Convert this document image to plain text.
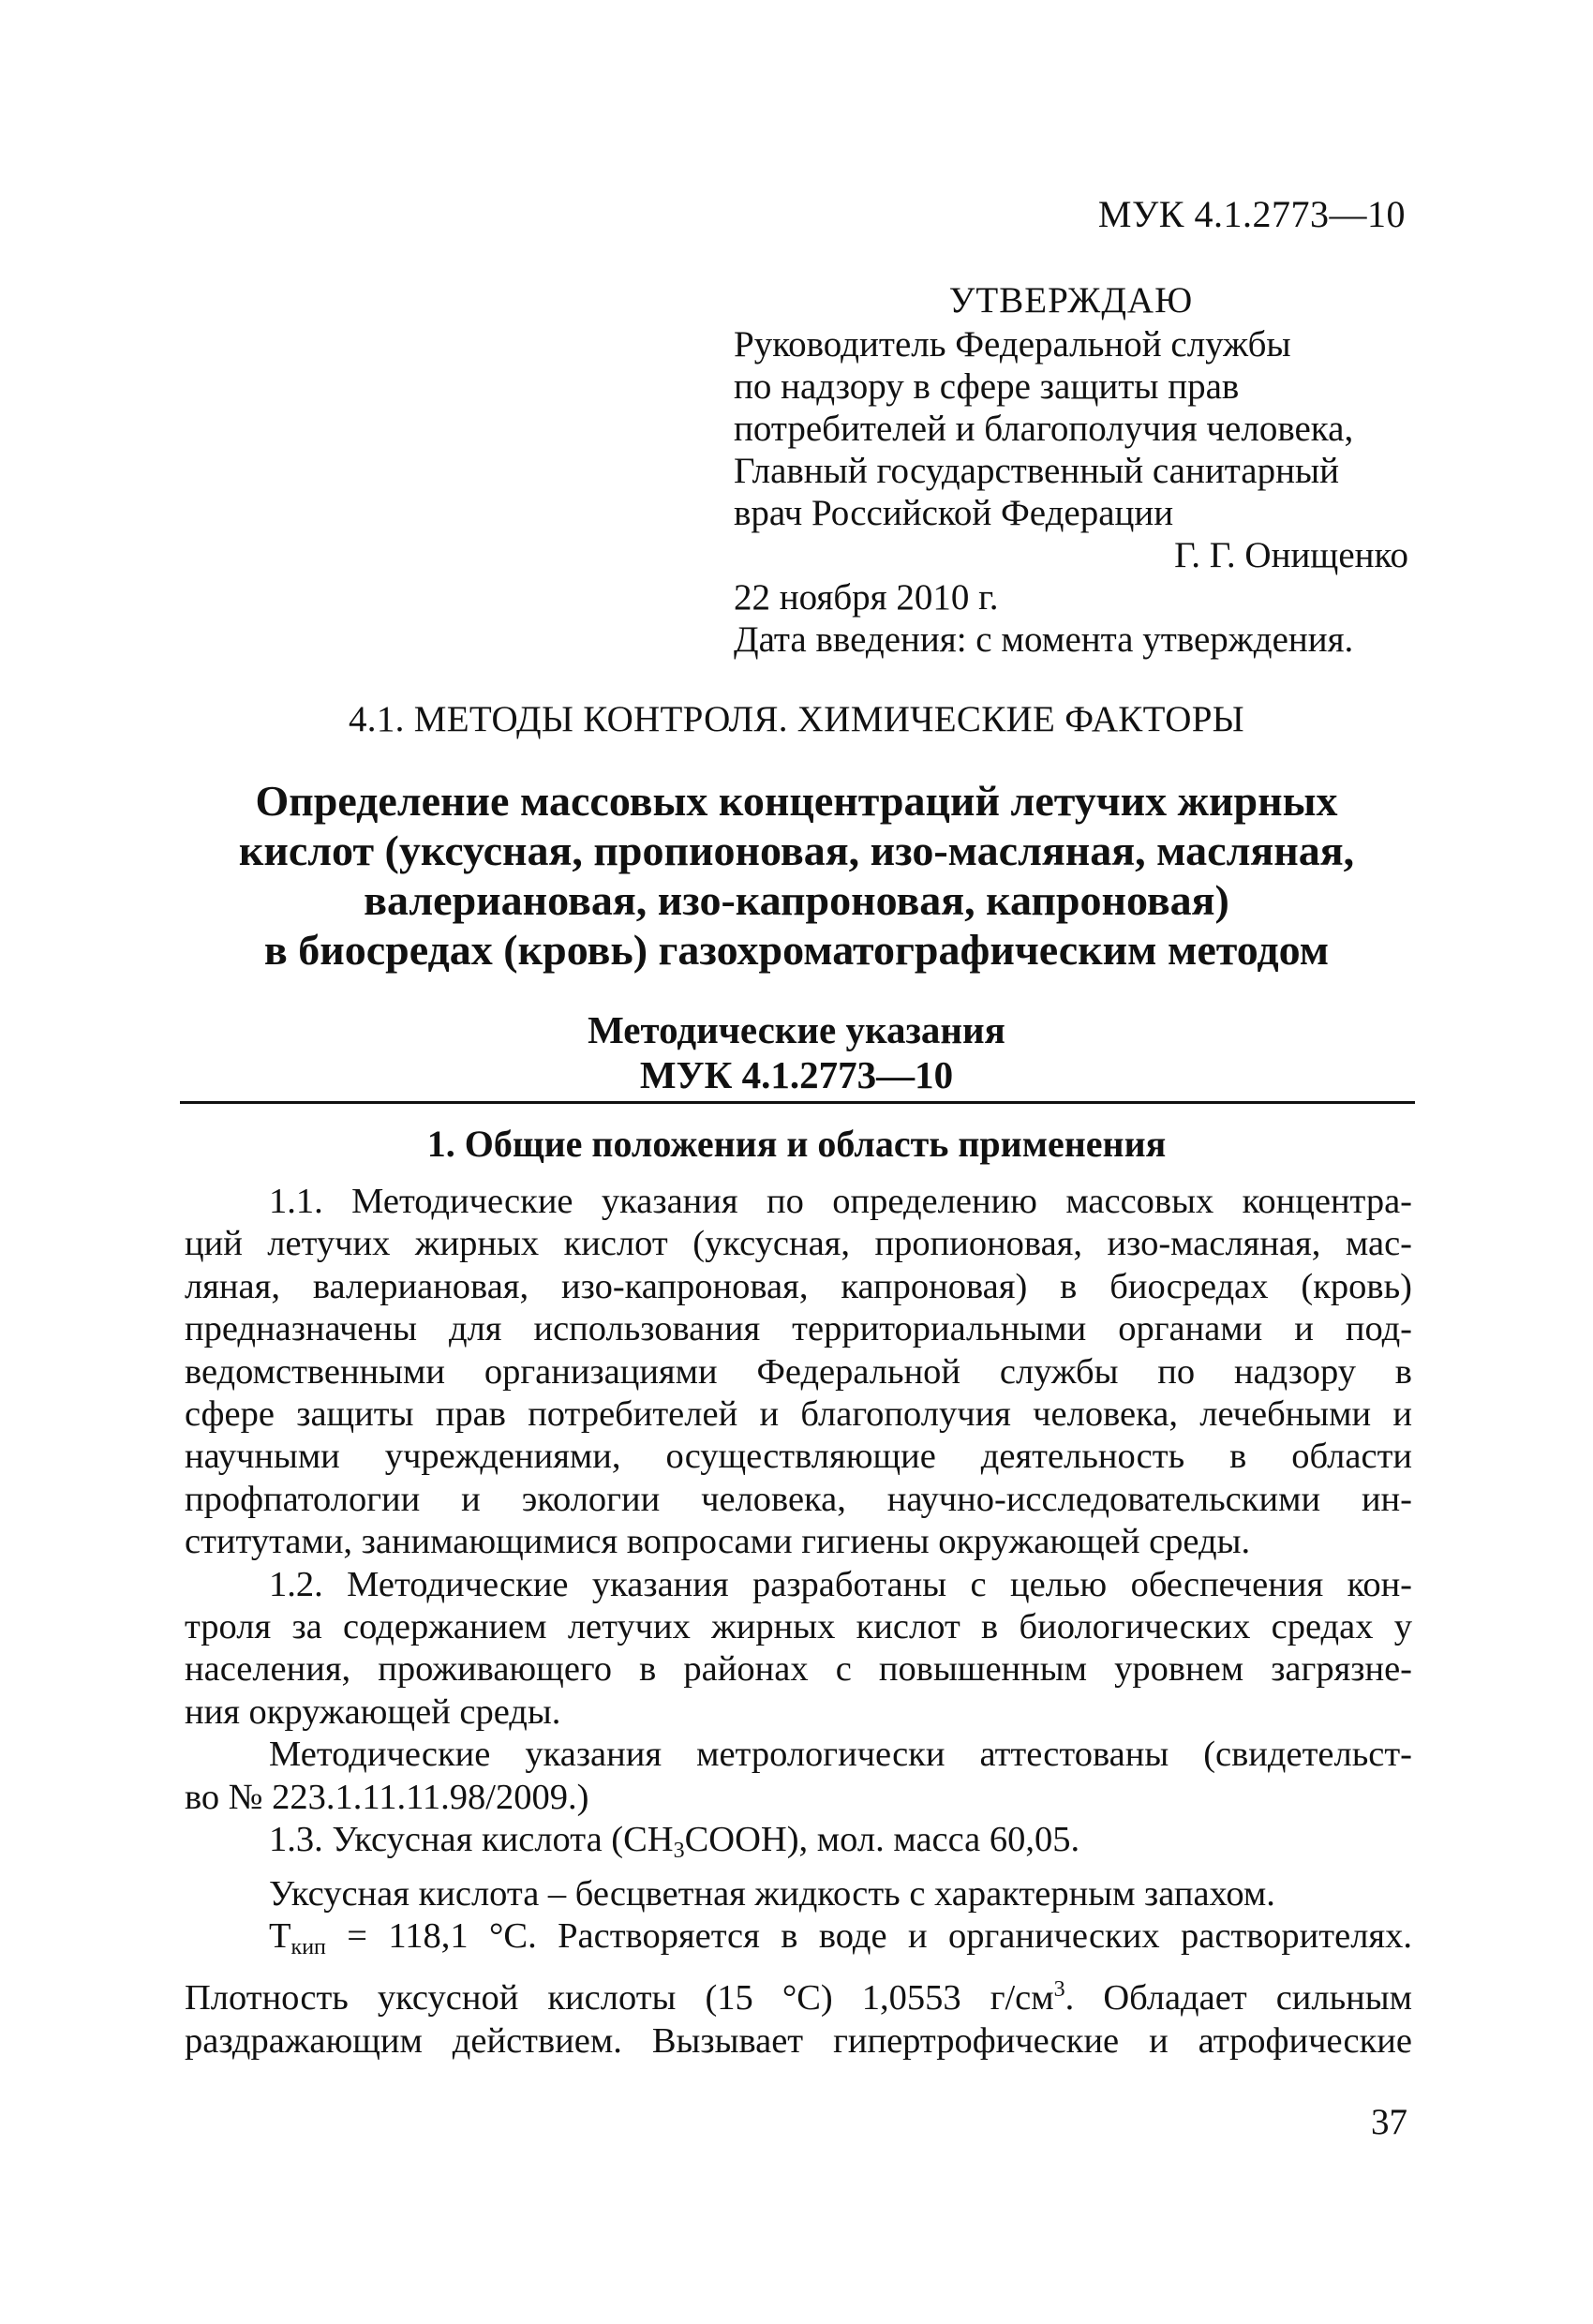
МУК 4.1.2773—10
УТВЕРЖДАЮ
Руководитель Федеральной службы
по надзору в сфере защиты прав
потребителей и благополучия человека,
Главный государственный санитарный
врач Российской Федерации
Г. Г. Онищенко
22 ноября 2010 г.
Дата введения: с момента утверждения.
4.1. МЕТОДЫ КОНТРОЛЯ. ХИМИЧЕСКИЕ ФАКТОРЫ
Определение массовых концентраций летучих жирных
кислот (уксусная, пропионовая, изо-масляная, масляная,
валериановая, изо-капроновая, капроновая)
в биосредах (кровь) газохроматографическим методом
Методические указания
МУК 4.1.2773—10
1. Общие положения и область применения
1.1. Методические указания по определению массовых концентра-
ций летучих жирных кислот (уксусная, пропионовая, изо-масляная, мас-
ляная, валериановая, изо-капроновая, капроновая) в биосредах (кровь)
предназначены для использования территориальными органами и под-
ведомственными организациями Федеральной службы по надзору в
сфере защиты прав потребителей и благополучия человека, лечебными и
научными учреждениями, осуществляющие деятельность в области
профпатологии и экологии человека, научно-исследовательскими ин-
ститутами, занимающимися вопросами гигиены окружающей среды.
1.2. Методические указания разработаны с целью обеспечения кон-
троля за содержанием летучих жирных кислот в биологических средах у
населения, проживающего в районах с повышенным уровнем загрязне-
ния окружающей среды.
Методические указания метрологически аттестованы (свидетельст-
во № 223.1.11.11.98/2009.)
1.3. Уксусная кислота $(CH_3COOH)$, мол. масса 60,05.
Уксусная кислота – бесцветная жидкость с характерным запахом.
$Т_{кип} = 118,1$ °C. Растворяется в воде и органических растворителях.
Плотность уксусной кислоты (15 °C) 1,0553 $г/см^3$. Обладает сильным
раздражающим действием. Вызывает гипертрофические и атрофические
37
